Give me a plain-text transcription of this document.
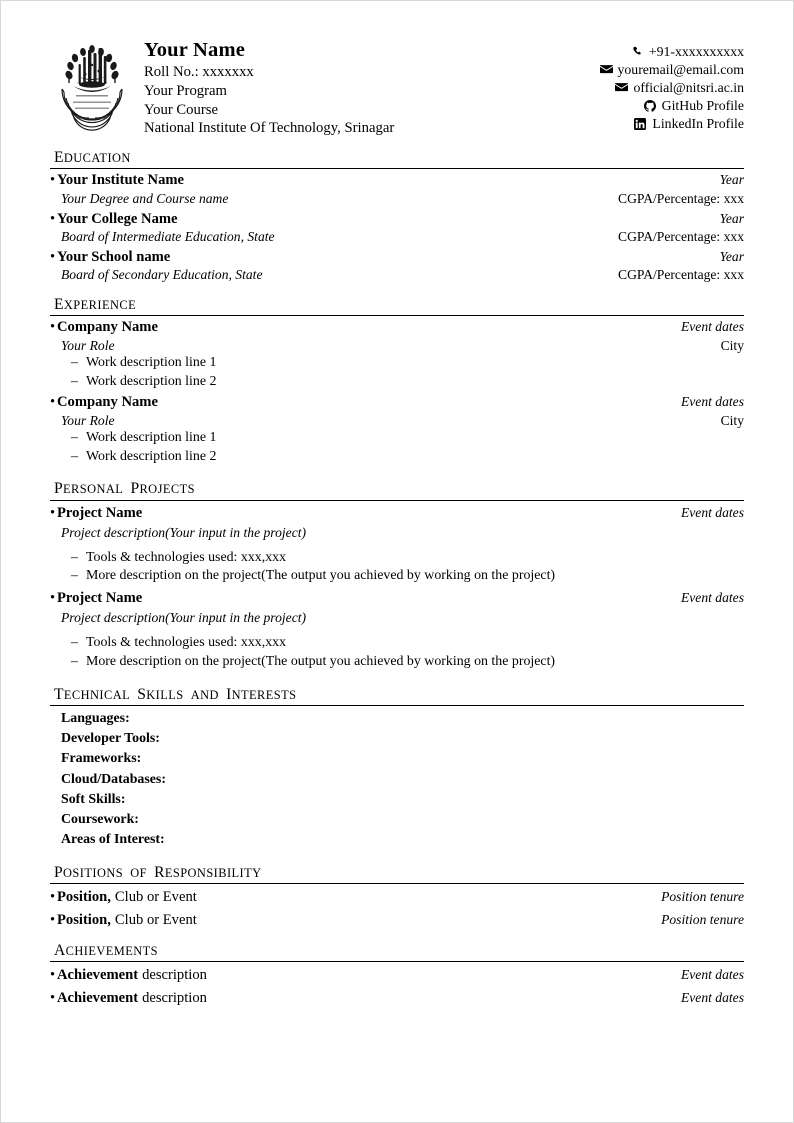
Your Name
Roll No.: xxxxxxx
Your Program
Your Course
National Institute Of Technology, Srinagar
+91-xxxxxxxxxx
youremail@email.com
official@nitsri.ac.in
GitHub Profile
LinkedIn Profile
EDUCATION
• Your Institute Name	Year
Your Degree and Course name	CGPA/Percentage: xxx
• Your College Name	Year
Board of Intermediate Education, State	CGPA/Percentage: xxx
• Your School name	Year
Board of Secondary Education, State	CGPA/Percentage: xxx
EXPERIENCE
• Company Name	Event dates
Your Role	City
– Work description line 1
– Work description line 2
• Company Name	Event dates
Your Role	City
– Work description line 1
– Work description line 2
PERSONAL PROJECTS
• Project Name	Event dates
Project description(Your input in the project)
– Tools & technologies used: xxx,xxx
– More description on the project(The output you achieved by working on the project)
• Project Name	Event dates
Project description(Your input in the project)
– Tools & technologies used: xxx,xxx
– More description on the project(The output you achieved by working on the project)
TECHNICAL SKILLS AND INTERESTS
Languages:
Developer Tools:
Frameworks:
Cloud/Databases:
Soft Skills:
Coursework:
Areas of Interest:
POSITIONS OF RESPONSIBILITY
• Position, Club or Event	Position tenure
• Position, Club or Event	Position tenure
ACHIEVEMENTS
• Achievement description	Event dates
• Achievement description	Event dates
